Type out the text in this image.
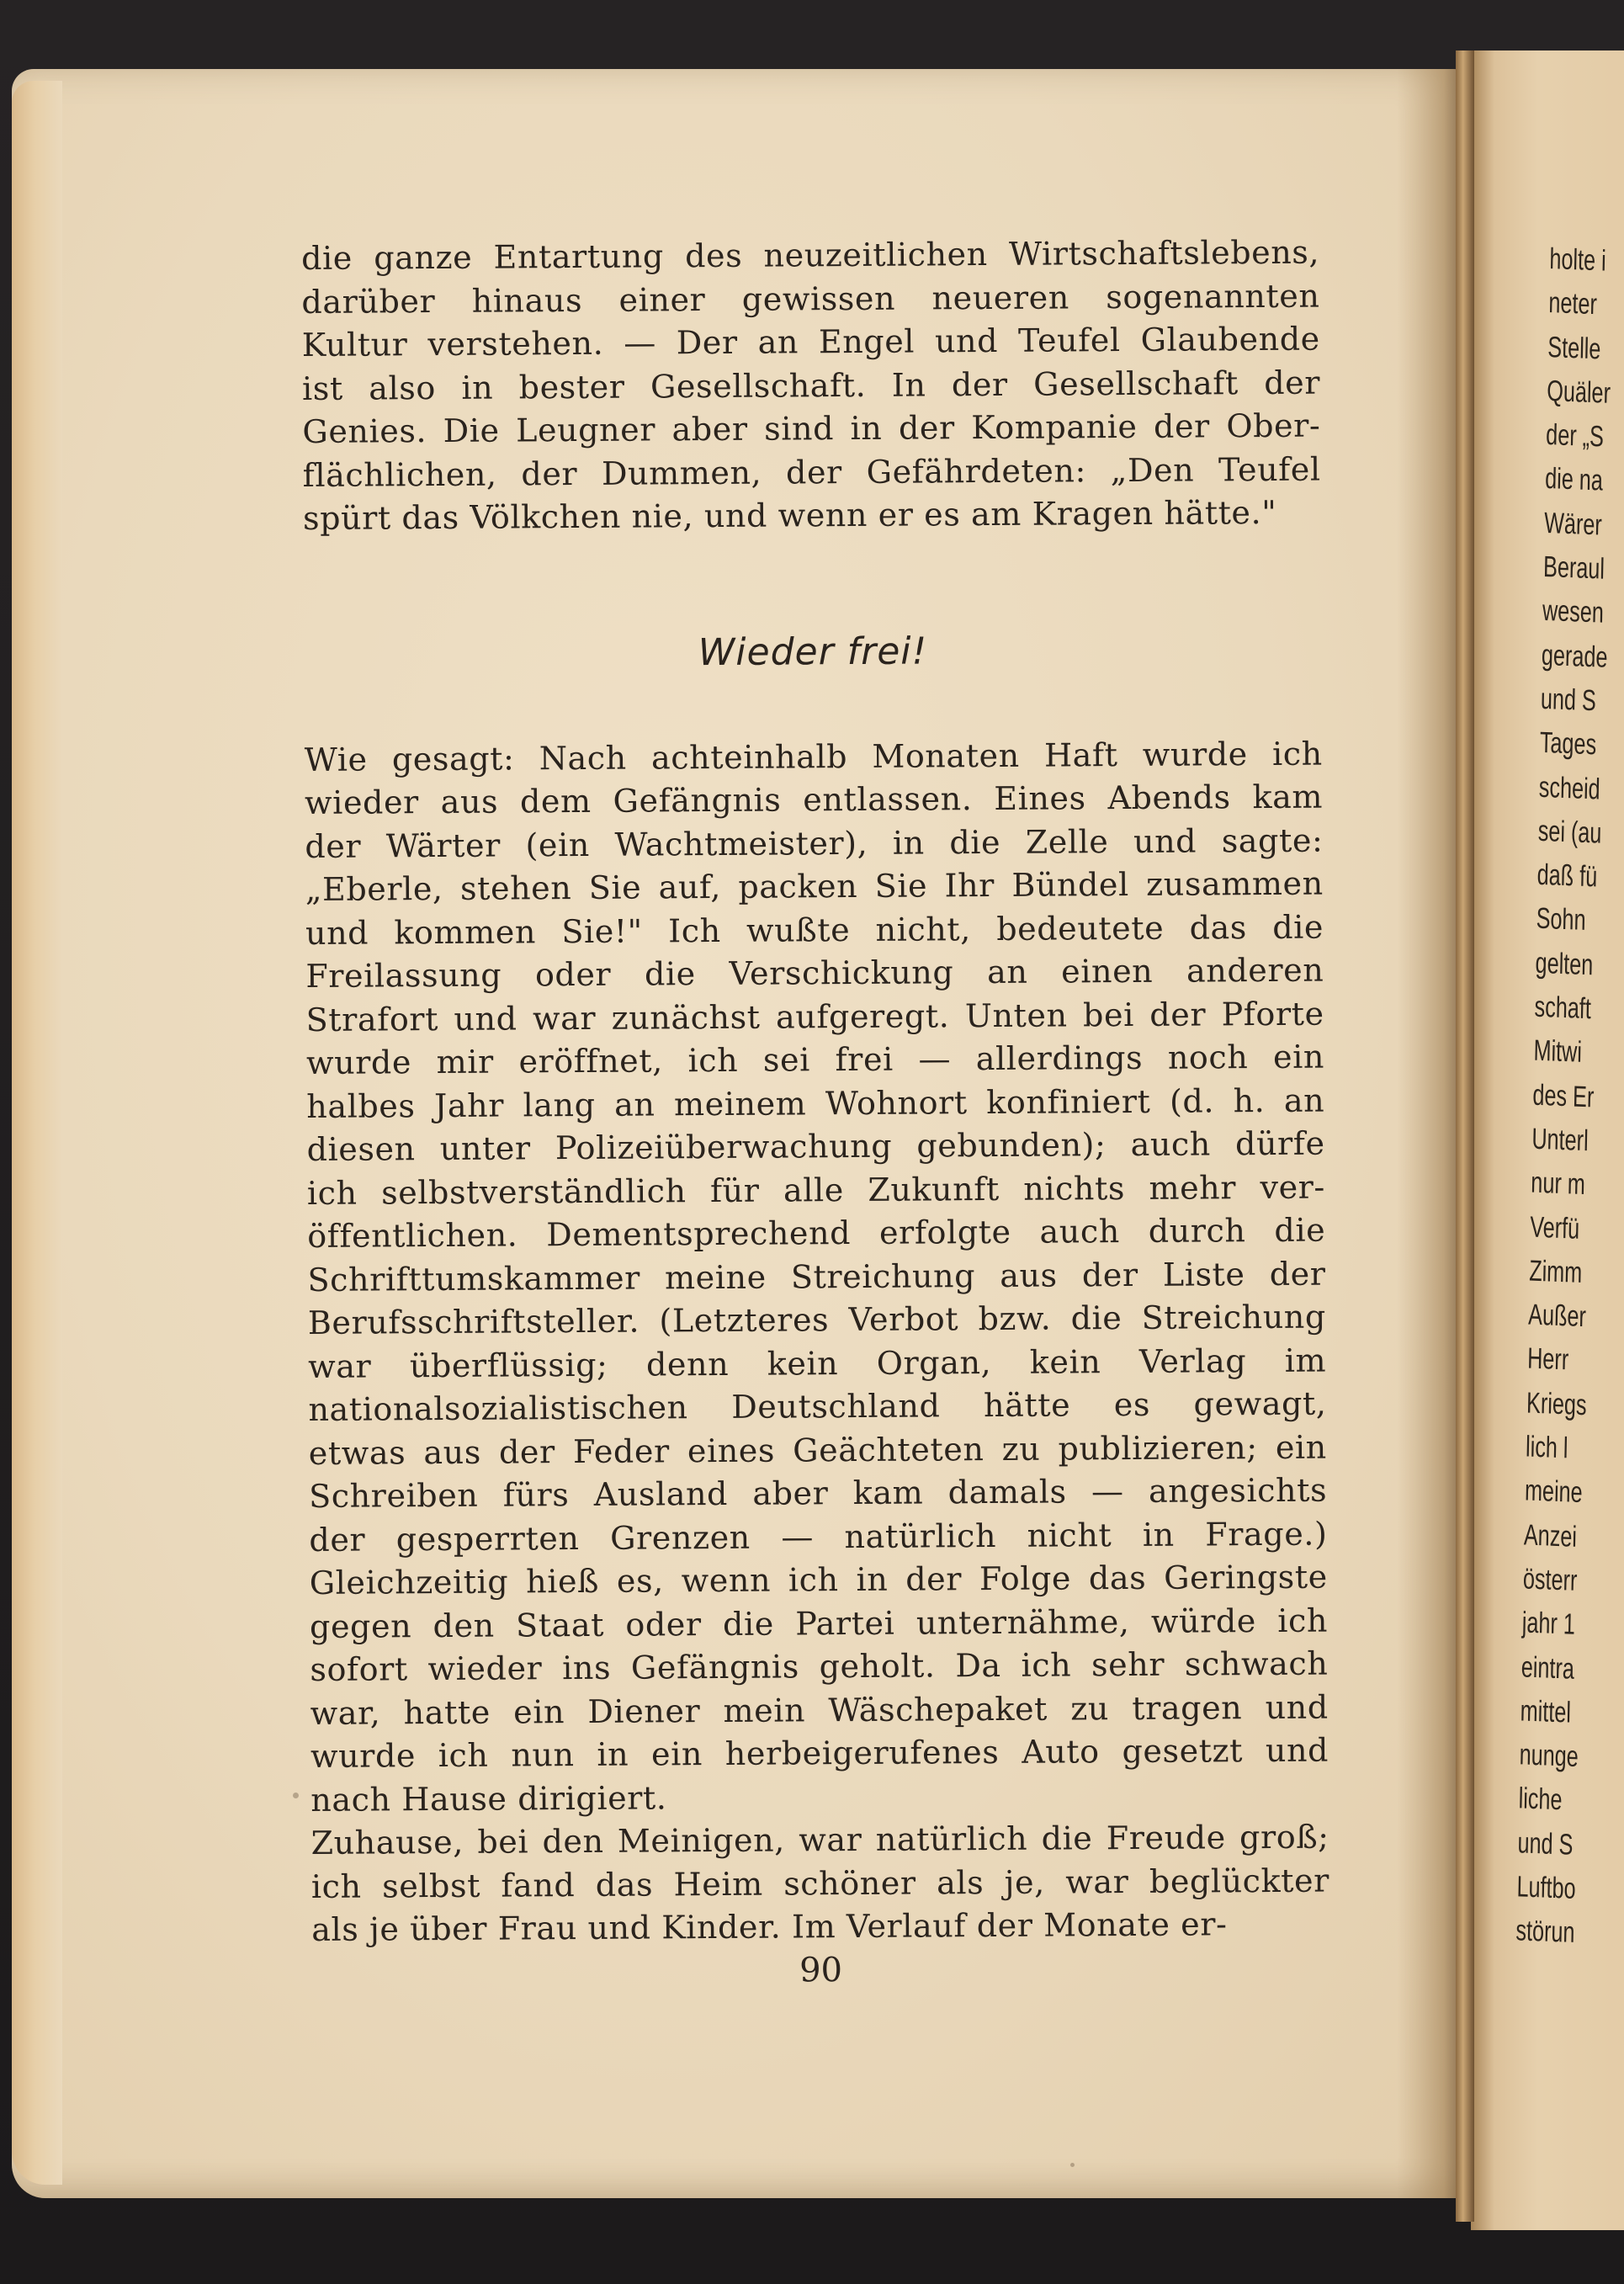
holte i
neter
Stelle
Quäler
der „S
die na
Wärer
Beraul
wesen
gerade
und S
Tages
scheid
sei (au
daß fü
Sohn
gelten
schaft
Mitwi
des Er
Unterl
nur m
Verfü
Zimm
Außer
Herr
Kriegs
lich l
meine
Anzei
österr
jahr 1
eintra
mittel
nunge
liche
und S
Luftbo
störun
die ganze Entartung des neuzeitlichen Wirtschaftslebens,
darüber hinaus einer gewissen neueren sogenannten
Kultur verstehen. — Der an Engel und Teufel Glaubende
ist also in bester Gesellschaft. In der Gesellschaft der
Genies. Die Leugner aber sind in der Kompanie der Ober-
flächlichen, der Dummen, der Gefährdeten: „Den Teufel
spürt das Völkchen nie, und wenn er es am Kragen hätte."
Wieder frei!
Wie gesagt: Nach achteinhalb Monaten Haft wurde ich
wieder aus dem Gefängnis entlassen. Eines Abends kam
der Wärter (ein Wachtmeister), in die Zelle und sagte:
„Eberle, stehen Sie auf, packen Sie Ihr Bündel zusammen
und kommen Sie!" Ich wußte nicht, bedeutete das die
Freilassung oder die Verschickung an einen anderen
Strafort und war zunächst aufgeregt. Unten bei der Pforte
wurde mir eröffnet, ich sei frei — allerdings noch ein
halbes Jahr lang an meinem Wohnort konfiniert (d. h. an
diesen unter Polizeiüberwachung gebunden); auch dürfe
ich selbstverständlich für alle Zukunft nichts mehr ver-
öffentlichen. Dementsprechend erfolgte auch durch die
Schrifttumskammer meine Streichung aus der Liste der
Berufsschriftsteller. (Letzteres Verbot bzw. die Streichung
war überflüssig; denn kein Organ, kein Verlag im
nationalsozialistischen Deutschland hätte es gewagt,
etwas aus der Feder eines Geächteten zu publizieren; ein
Schreiben fürs Ausland aber kam damals — angesichts
der gesperrten Grenzen — natürlich nicht in Frage.)
Gleichzeitig hieß es, wenn ich in der Folge das Geringste
gegen den Staat oder die Partei unternähme, würde ich
sofort wieder ins Gefängnis geholt. Da ich sehr schwach
war, hatte ein Diener mein Wäschepaket zu tragen und
wurde ich nun in ein herbeigerufenes Auto gesetzt und
nach Hause dirigiert.
Zuhause, bei den Meinigen, war natürlich die Freude groß;
ich selbst fand das Heim schöner als je, war beglückter
als je über Frau und Kinder. Im Verlauf der Monate er-
90
